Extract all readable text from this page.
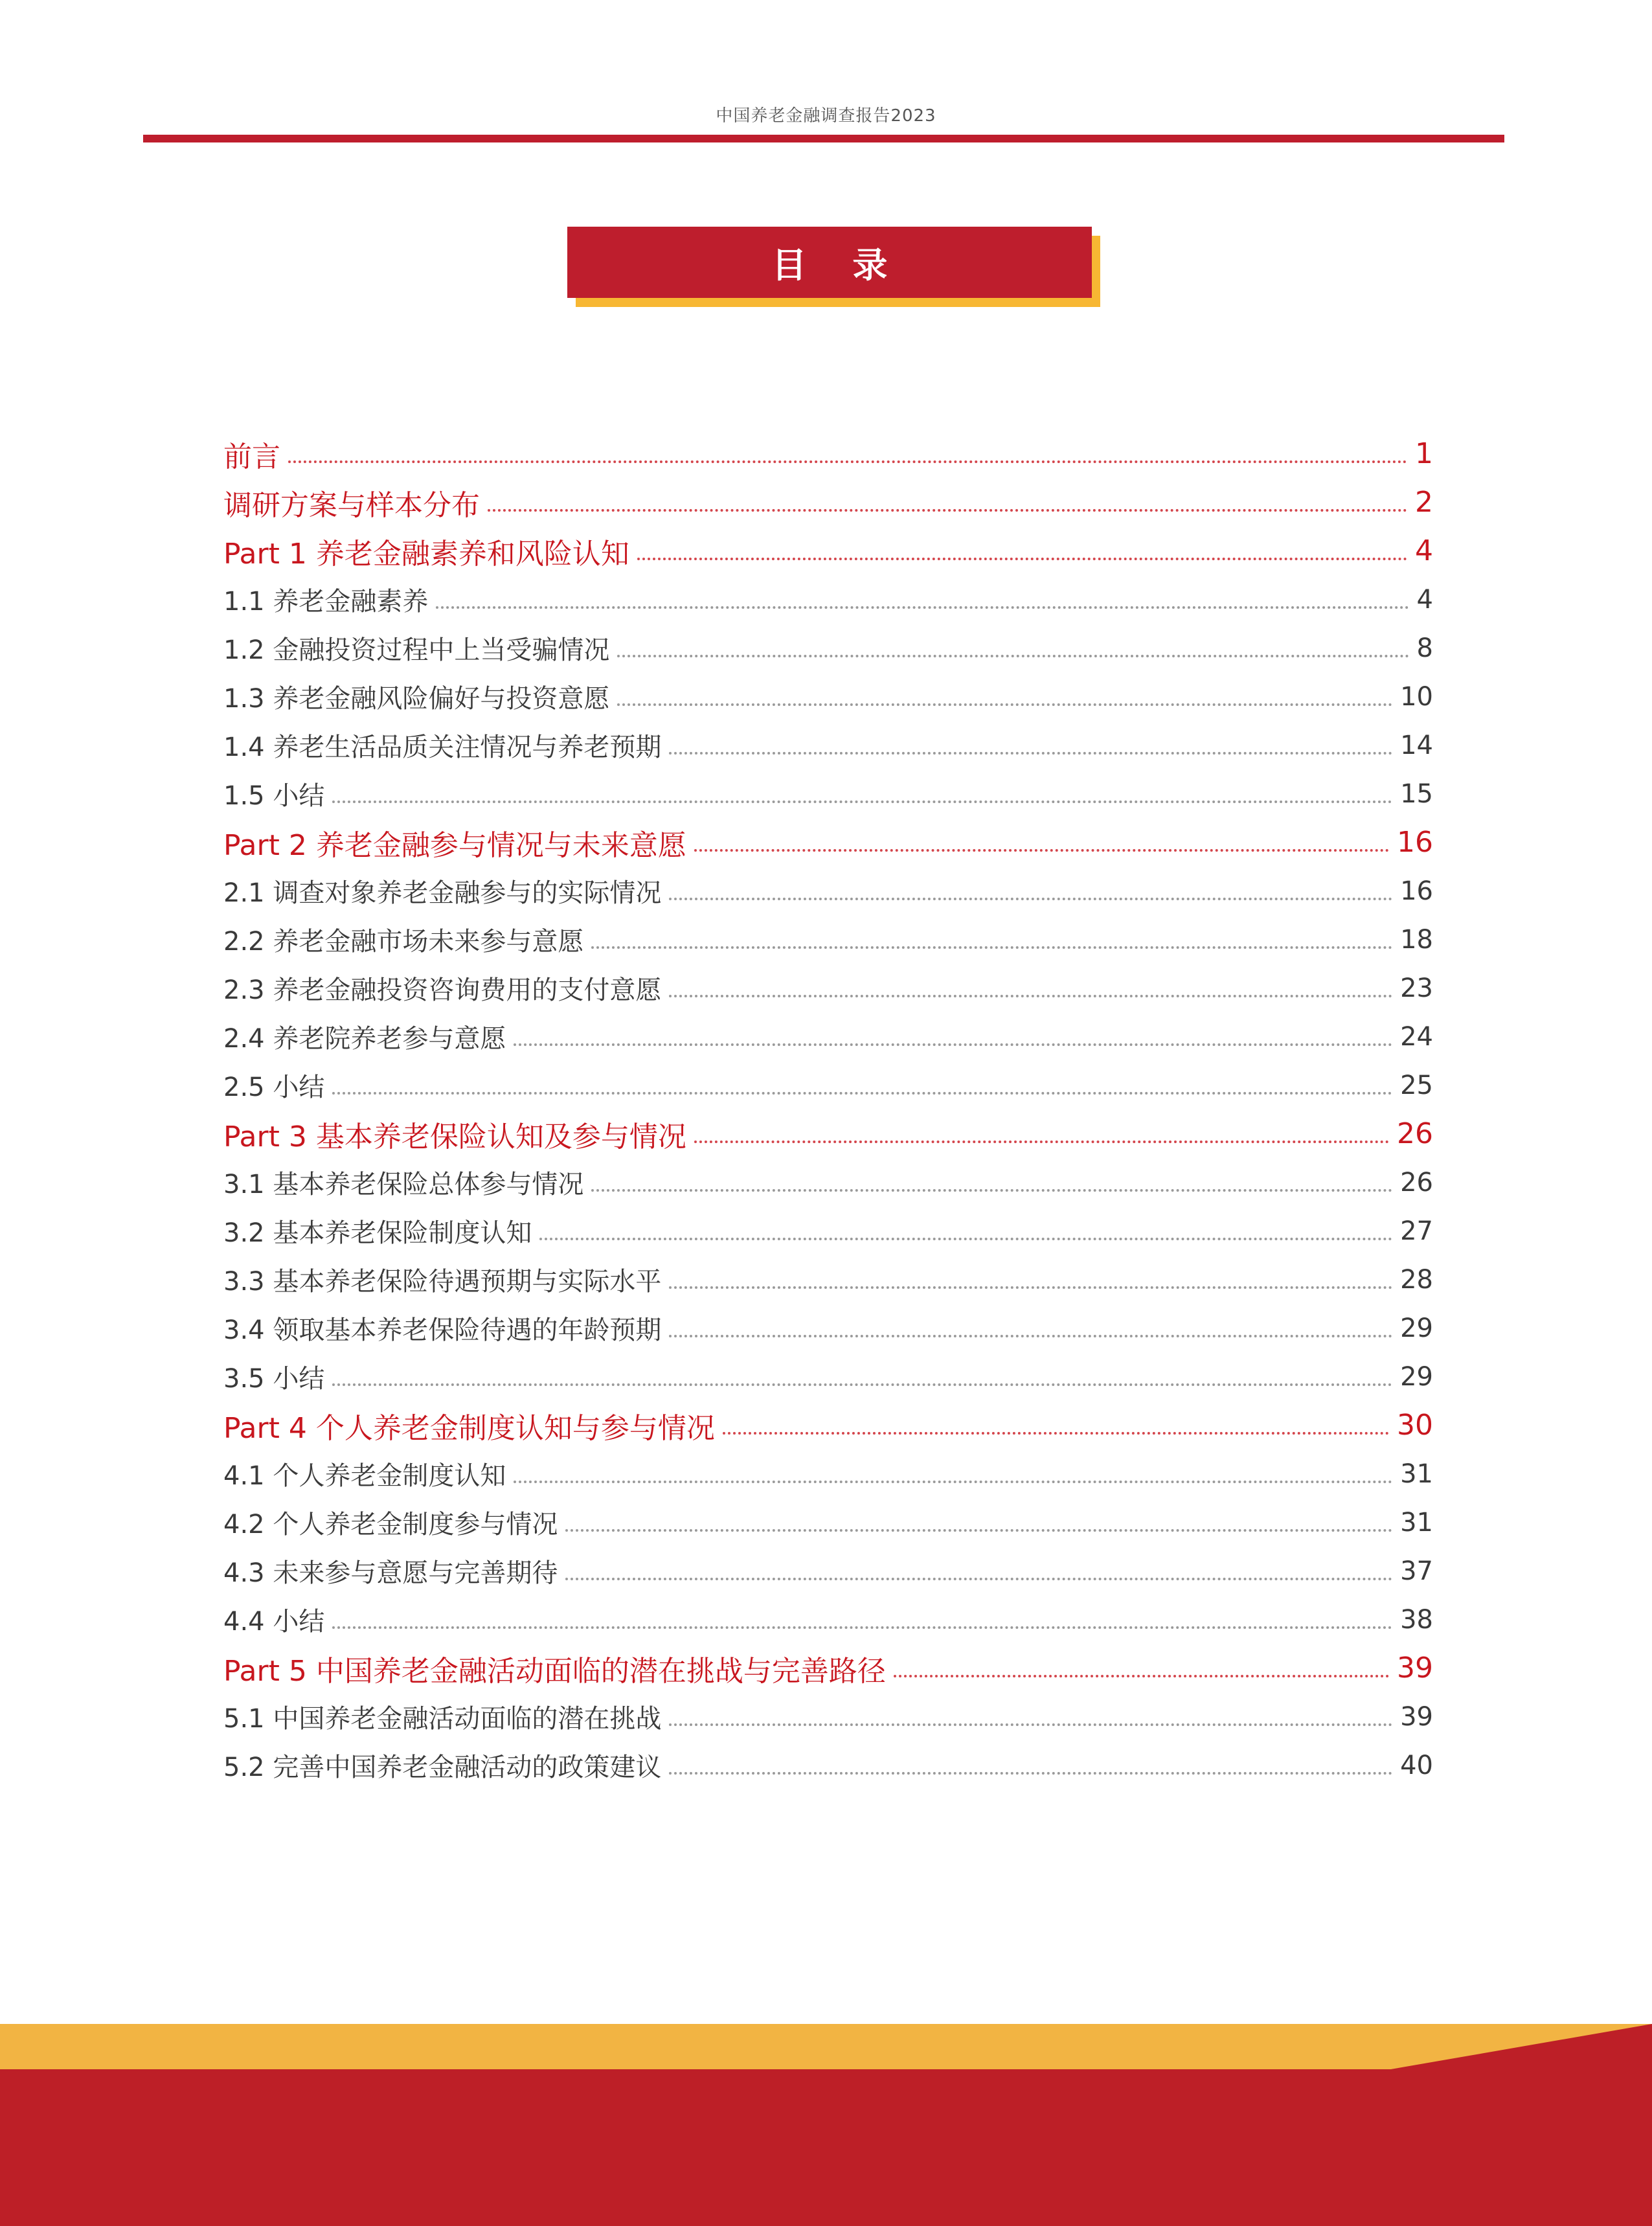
中国养老金融调查报告2023
目 录
前言	1
调研方案与样本分布	2
Part 1 养老金融素养和风险认知	4
1.1 养老金融素养	4
1.2 金融投资过程中上当受骗情况	8
1.3 养老金融风险偏好与投资意愿	10
1.4 养老生活品质关注情况与养老预期	14
1.5 小结	15
Part 2 养老金融参与情况与未来意愿	16
2.1 调查对象养老金融参与的实际情况	16
2.2 养老金融市场未来参与意愿	18
2.3 养老金融投资咨询费用的支付意愿	23
2.4 养老院养老参与意愿	24
2.5 小结	25
Part 3 基本养老保险认知及参与情况	26
3.1 基本养老保险总体参与情况	26
3.2 基本养老保险制度认知	27
3.3 基本养老保险待遇预期与实际水平	28
3.4 领取基本养老保险待遇的年龄预期	29
3.5 小结	29
Part 4 个人养老金制度认知与参与情况	30
4.1 个人养老金制度认知	31
4.2 个人养老金制度参与情况	31
4.3 未来参与意愿与完善期待	37
4.4 小结	38
Part 5 中国养老金融活动面临的潜在挑战与完善路径	39
5.1 中国养老金融活动面临的潜在挑战	39
5.2 完善中国养老金融活动的政策建议	40
